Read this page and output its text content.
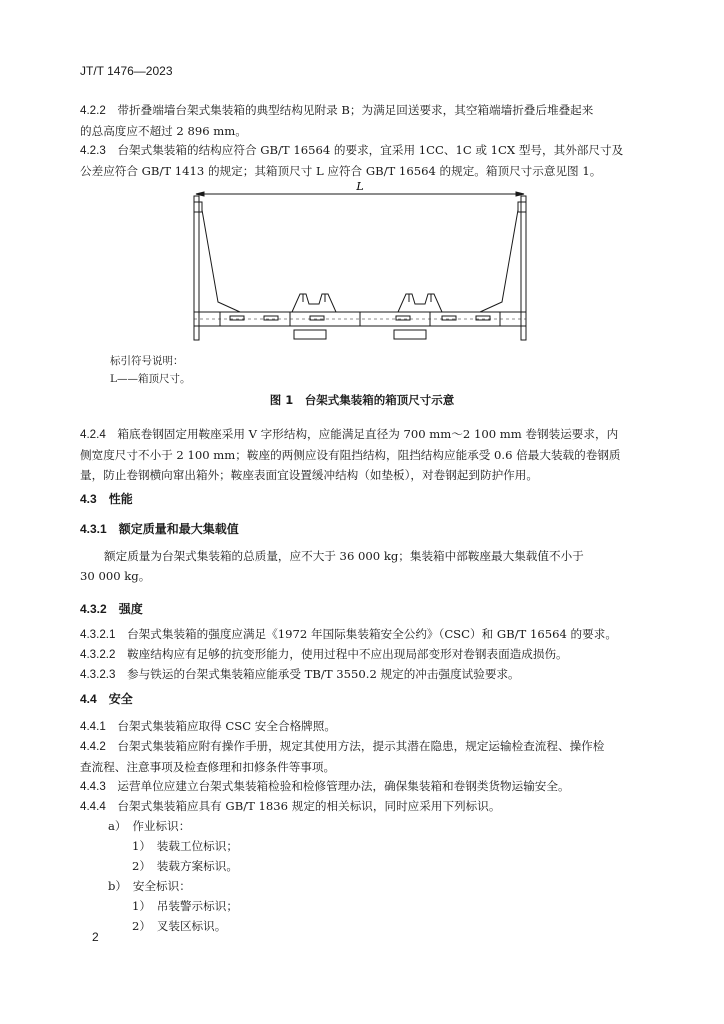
JT/T 1476—2023
4.2.2　 带折叠端墙台架式集装箱的典型结构见附录 B；为满足回送要求，其空箱端墙折叠后堆叠起来
的总高度应不超过 2 896 mm。
4.2.3　 台架式集装箱的结构应符合 GB/T 16564 的要求，宜采用 1CC、1C 或 1CX 型号，其外部尺寸及
公差应符合 GB/T 1413 的规定；其箱顶尺寸 L 应符合 GB/T 16564 的规定。箱顶尺寸示意见图 1。
L
标引符号说明：
L——箱顶尺寸。
图 1　台架式集装箱的箱顶尺寸示意
4.2.4　 箱底卷钢固定用鞍座采用 V 字形结构，应能满足直径为 700 mm～2 100 mm 卷钢装运要求，内
侧宽度尺寸不小于 2 100 mm；鞍座的两侧应设有阻挡结构，阻挡结构应能承受 0.6 倍最大装载的卷钢质
量，防止卷钢横向窜出箱外；鞍座表面宜设置缓冲结构（如垫板），对卷钢起到防护作用。
4.3　 性能
4.3.1　 额定质量和最大集载值
额定质量为台架式集装箱的总质量，应不大于 36 000 kg；集装箱中部鞍座最大集载值不小于
30 000 kg。
4.3.2　 强度
4.3.2.1　 台架式集装箱的强度应满足《1972 年国际集装箱安全公约》（CSC）和 GB/T 16564 的要求。
4.3.2.2　 鞍座结构应有足够的抗变形能力，使用过程中不应出现局部变形对卷钢表面造成损伤。
4.3.2.3　 参与铁运的台架式集装箱应能承受 TB/T 3550.2 规定的冲击强度试验要求。
4.4　 安全
4.4.1　 台架式集装箱应取得 CSC 安全合格牌照。
4.4.2　 台架式集装箱应附有操作手册，规定其使用方法，提示其潜在隐患，规定运输检查流程、操作检
查流程、注意事项及检查修理和扣修条件等事项。
4.4.3　 运营单位应建立台架式集装箱检验和检修管理办法，确保集装箱和卷钢类货物运输安全。
4.4.4　 台架式集装箱应具有 GB/T 1836 规定的相关标识，同时应采用下列标识。
a）　 作业标识：
1）　装载工位标识；
2）　装载方案标识。
b）　 安全标识：
1）　吊装警示标识；
2）　叉装区标识。
2
